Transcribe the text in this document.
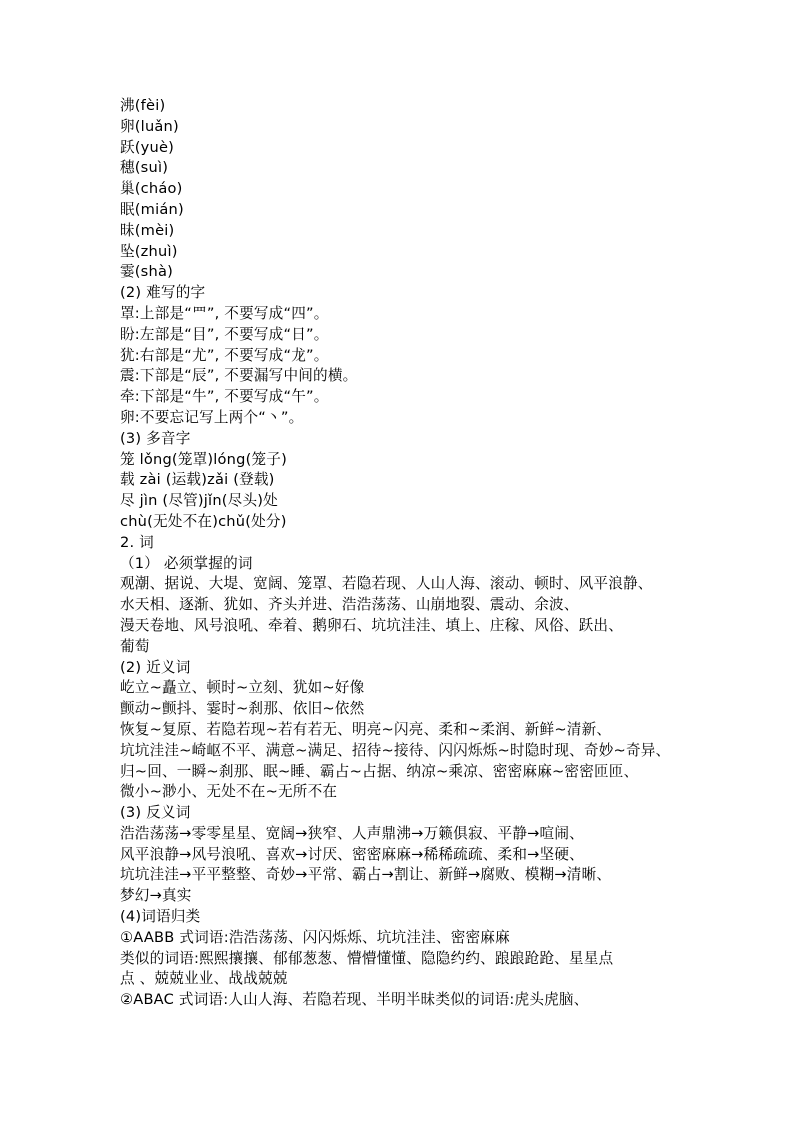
沸(fèi)
卵(luǎn)
跃(yuè)
穗(suì)
巢(cháo)
眠(mián)
昧(mèi)
坠(zhuì)
霎(shà)
(2) 难写的字
罩:上部是“罒”, 不要写成“四”。
盼:左部是“目”, 不要写成“日”。
犹:右部是“尤”, 不要写成“龙”。
震:下部是“辰”, 不要漏写中间的横。
牵:下部是“牛”, 不要写成“午”。
卵:不要忘记写上两个“丶”。
(3) 多音字
笼 lǒng(笼罩)lóng(笼子)
载 zài (运载)zǎi (登载)
尽 jìn (尽管)jǐn(尽头)处
chù(无处不在)chǔ(处分)
2. 词
（1） 必须掌握的词
观潮、据说、大堤、宽阔、笼罩、若隐若现、人山人海、滚动、顿时、风平浪静、
水天相、逐渐、犹如、齐头并进、浩浩荡荡、山崩地裂、震动、余波、
漫天卷地、风号浪吼、牵着、鹅卵石、坑坑洼洼、填上、庄稼、风俗、跃出、
葡萄
(2) 近义词
屹立~矗立、顿时~立刻、犹如~好像
颤动~颤抖、霎时~刹那、依旧~依然
恢复~复原、若隐若现~若有若无、明亮~闪亮、柔和~柔润、新鲜~清新、
坑坑洼洼~崎岖不平、满意~满足、招待~接待、闪闪烁烁~时隐时现、奇妙~奇异、
归~回、一瞬~刹那、眠~睡、霸占~占据、纳凉~乘凉、密密麻麻~密密匝匝、
微小~渺小、无处不在~无所不在
(3) 反义词
浩浩荡荡→零零星星、宽阔→狭窄、人声鼎沸→万籁俱寂、平静→喧闹、
风平浪静→风号浪吼、喜欢→讨厌、密密麻麻→稀稀疏疏、柔和→坚硬、
坑坑洼洼→平平整整、奇妙→平常、霸占→割让、新鲜→腐败、模糊→清晰、
梦幻→真实
(4)词语归类
①AABB 式词语:浩浩荡荡、闪闪烁烁、坑坑洼洼、密密麻麻
类似的词语:熙熙攘攘、郁郁葱葱、懵懵懂懂、隐隐约约、踉踉跄跄、星星点
点 、兢兢业业、战战兢兢
②ABAC 式词语:人山人海、若隐若现、半明半昧类似的词语:虎头虎脑、
